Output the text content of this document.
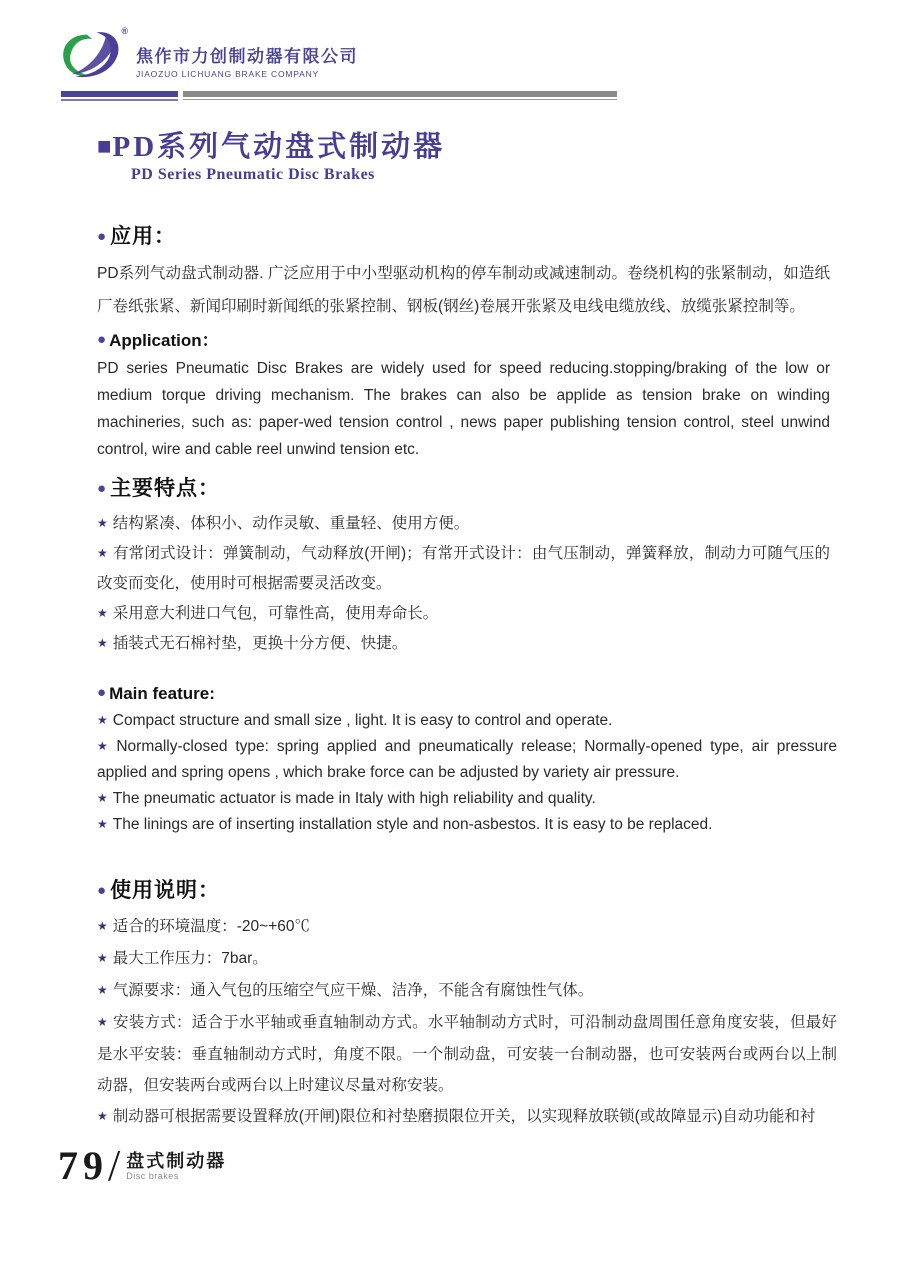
®
焦作市力创制动器有限公司
JIAOZUO LICHUANG BRAKE COMPANY
■PD系列气动盘式制动器
PD Series Pneumatic Disc Brakes
● 应用：
PD系列气动盘式制动器. 广泛应用于中小型驱动机构的停车制动或减速制动。卷绕机构的张紧制动，如造纸厂卷纸张紧、新闻印刷时新闻纸的张紧控制、钢板(钢丝)卷展开张紧及电线电缆放线、放缆张紧控制等。
● Application：
PD series Pneumatic Disc Brakes are widely used for speed reducing.stopping/braking of the low or medium torque driving mechanism. The brakes can also be applide as tension brake on winding machineries, such as: paper-wed tension control , news paper publishing tension control, steel unwind control, wire and cable reel unwind tension etc.
● 主要特点：
★ 结构紧凑、体积小、动作灵敏、重量轻、使用方便。
★ 有常闭式设计：弹簧制动，气动释放(开闸)；有常开式设计：由气压制动，弹簧释放，制动力可随气压的改变而变化，使用时可根据需要灵活改变。
★ 采用意大利进口气包，可靠性高，使用寿命长。
★ 插装式无石棉衬垫，更换十分方便、快捷。
● Main feature:
★ Compact structure and small size , light. It is easy to control and operate.
★ Normally-closed type: spring applied and pneumatically release; Normally-opened type, air pressure applied and spring opens , which brake force can be adjusted by variety air pressure.
★ The pneumatic actuator is made in Italy with high reliability and quality.
★ The linings are of inserting installation style and non-asbestos. It is easy to be replaced.
● 使用说明：
★ 适合的环境温度：-20~+60℃
★ 最大工作压力：7bar。
★ 气源要求：通入气包的压缩空气应干燥、洁净，不能含有腐蚀性气体。
★ 安装方式：适合于水平轴或垂直轴制动方式。水平轴制动方式时，可沿制动盘周围任意角度安装，但最好是水平安装：垂直轴制动方式时，角度不限。一个制动盘，可安装一台制动器，也可安装两台或两台以上制动器，但安装两台或两台以上时建议尽量对称安装。
★ 制动器可根据需要设置释放(开闸)限位和衬垫磨损限位开关，以实现释放联锁(或故障显示)自动功能和衬
79 / 盘式制动器
Disc brakes
